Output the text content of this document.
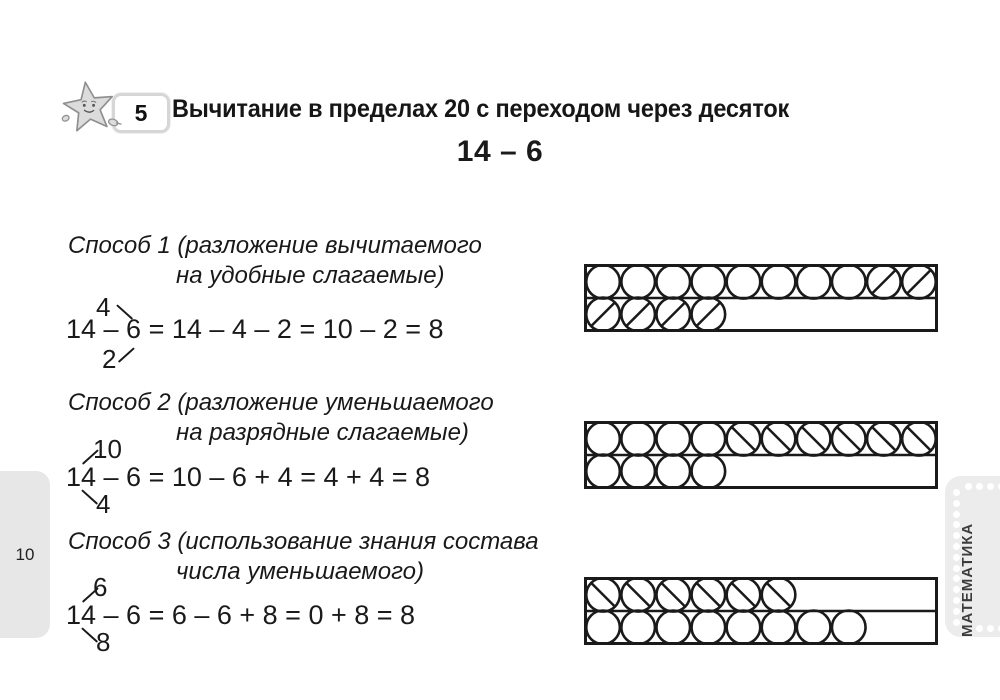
5 Вычитание в пределах 20 с переходом через десяток
14 – 6
Способ 1 (разложение вычитаемого
на удобные слагаемые)
4
14 – 6 = 14 – 4 – 2 = 10 – 2 = 8
2
Способ 2 (разложение уменьшаемого
на разрядные слагаемые)
10
14 – 6 = 10 – 6 + 4 = 4 + 4 = 8
4
Способ 3 (использование знания состава
числа уменьшаемого)
6
14 – 6 = 6 – 6 + 8 = 0 + 8 = 8
8
10	МАТЕМАТИКА
